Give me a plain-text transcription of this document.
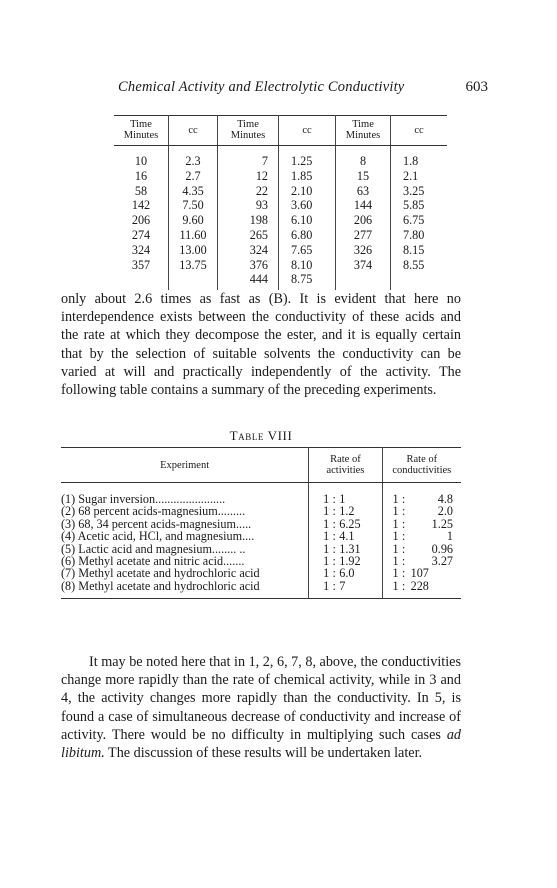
Chemical Activity and Electrolytic Conductivity	603
Time Minutes	cc	Time Minutes	cc	Time Minutes	cc
10	2.3	7	1.25	8	1.8
16	2.7	12	1.85	15	2.1
58	4.35	22	2.10	63	3.25
142	7.50	93	3.60	144	5.85
206	9.60	198	6.10	206	6.75
274	11.60	265	6.80	277	7.80
324	13.00	324	7.65	326	8.15
357	13.75	376	8.10	374	8.55
		444	8.75		

only about 2.6 times as fast as (B). It is evident that here no interdependence exists between the conductivity of these acids and the rate at which they decompose the ester, and it is equally certain that by the selection of suitable solvents the conductivity can be varied at will and practically independently of the activity. The following table contains a summary of the preceding experiments.

Table VIII
Experiment	Rate of activities	Rate of conductivities
(1) Sugar inversion.......................	1 : 1	1 : 4.8

(2) 68 percent acids-magnesium.........	1 : 1.2	1 : 2.0

(3) 68, 34 percent acids-magnesium.....	1 : 6.25	1 : 1.25

(4) Acetic acid, HCl, and magnesium....	1 : 4.1	1 : 1

(5) Lactic acid and magnesium........ ..	1 : 1.31	1 : 0.96

(6) Methyl acetate and nitric acid.......	1 : 1.92	1 : 3.27

(7) Methyl acetate and hydrochloric acid	1 : 6.0	1 : 107

(8) Methyl acetate and hydrochloric acid	1 : 7	1 : 228

It may be noted here that in 1, 2, 6, 7, 8, above, the conductivities change more rapidly than the rate of chemical activity, while in 3 and 4, the activity changes more rapidly than the conductivity. In 5, is found a case of simultaneous decrease of conductivity and increase of activity. There would be no difficulty in multiplying such cases ad libitum. The discussion of these results will be undertaken later.
